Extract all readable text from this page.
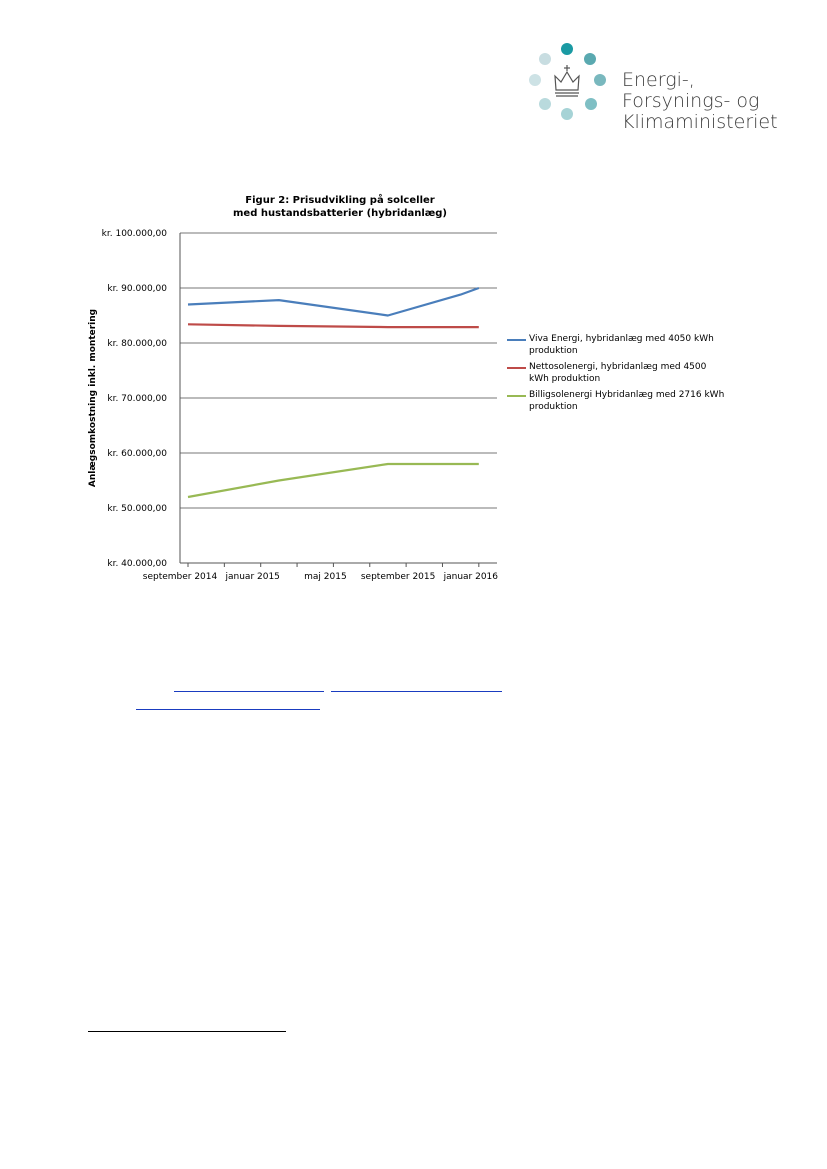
Energi-,
Forsynings- og
Klimaministeriet
Figur 2: Prisudvikling på solceller
med hustandsbatterier (hybridanlæg)
kr. 40.000,00
kr. 50.000,00
kr. 60.000,00
kr. 70.000,00
kr. 80.000,00
kr. 90.000,00
kr. 100.000,00
september 2014 januar 2015	maj 2015 september 2015 januar 2016
Anlægsomkostning inkl. montering	Viva Energi, hybridanlæg med 4050 kWh produktion
Nettosolenergi, hybridanlæg med 4500 kWh produktion
Billigsolenergi Hybridanlæg med 2716 kWh produktion
